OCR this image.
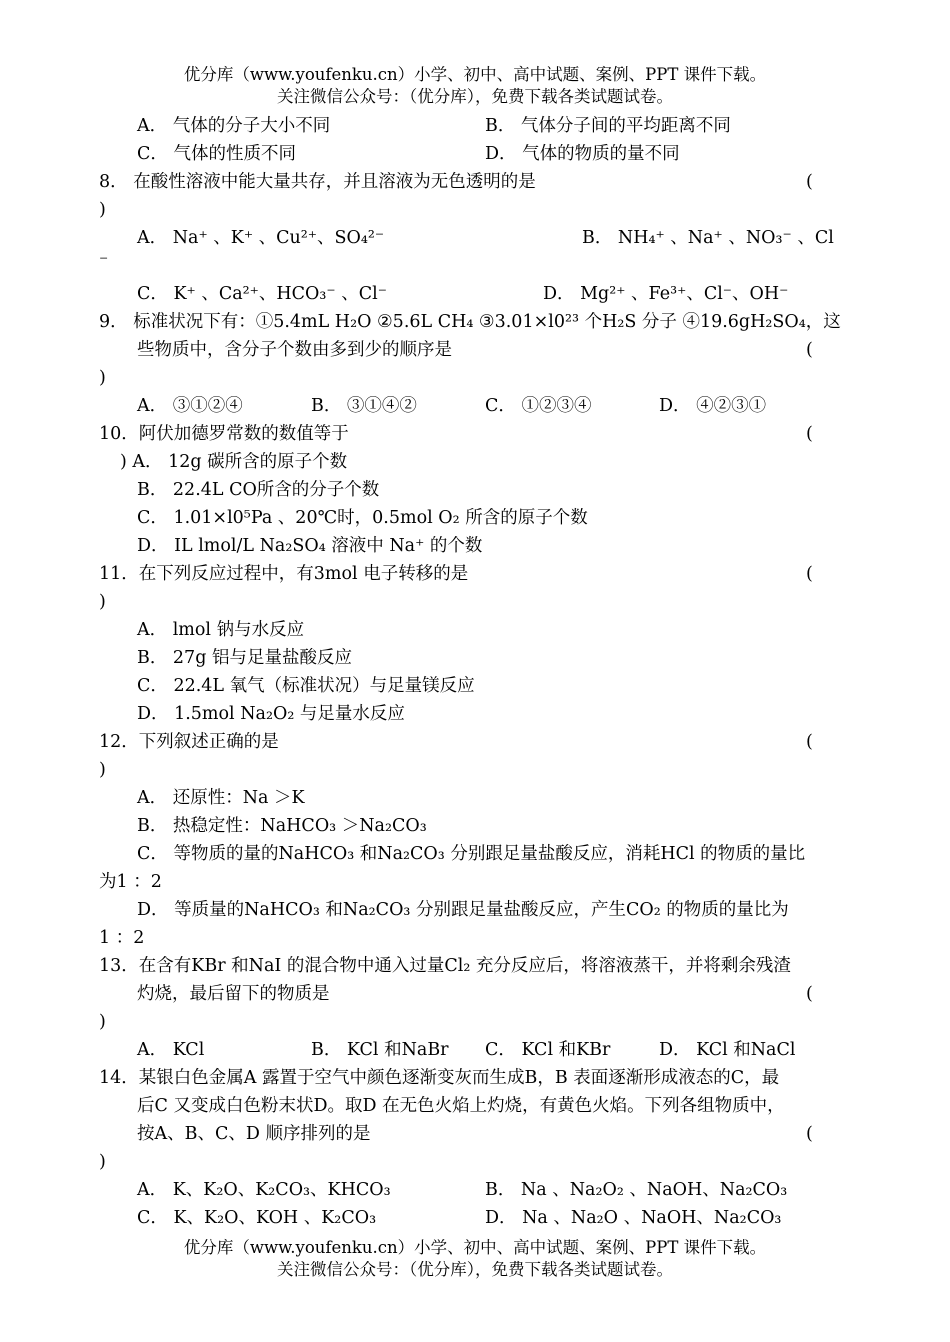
优分库（www.youfenku.cn）小学、初中、高中试题、案例、PPT 课件下载。
关注微信公众号：（优分库），免费下载各类试题试卷。
A． 气体的分子大小不同	B． 气体分子间的平均距离不同
C． 气体的性质不同	D． 气体的物质的量不同
8． 在酸性溶液中能大量共存，并且溶液为无色透明的是	(
)
A． Na⁺ 、K⁺ 、Cu²⁺、SO₄²⁻	B． NH₄⁺ 、Na⁺ 、NO₃⁻ 、Cl
⁻
C． K⁺ 、Ca²⁺、HCO₃⁻ 、Cl⁻	D． Mg²⁺ 、Fe³⁺、Cl⁻、OH⁻
9． 标准状况下有：①5.4mL H₂O ②5.6L CH₄ ③3.01×l0²³ 个H₂S 分子 ④19.6gH₂SO₄，这
些物质中，含分子个数由多到少的顺序是	(
)
A． ③①②④	B． ③①④②	C． ①②③④	D． ④②③①
10．阿伏加德罗常数的数值等于	(
) A． 12g 碳所含的原子个数
B． 22.4L CO所含的分子个数
C． 1.01×l0⁵Pa 、20℃时，0.5mol O₂ 所含的原子个数
D． IL lmol/L Na₂SO₄ 溶液中 Na⁺ 的个数
11．在下列反应过程中，有3mol 电子转移的是	(
)
A． lmol 钠与水反应
B． 27g 铝与足量盐酸反应
C． 22.4L 氧气（标准状况）与足量镁反应
D． 1.5mol Na₂O₂ 与足量水反应
12．下列叙述正确的是	(
)
A． 还原性：Na ＞K
B． 热稳定性：NaHCO₃ ＞Na₂CO₃
C． 等物质的量的NaHCO₃ 和Na₂CO₃ 分别跟足量盐酸反应，消耗HCl 的物质的量比
为1 ：2
D． 等质量的NaHCO₃ 和Na₂CO₃ 分别跟足量盐酸反应，产生CO₂ 的物质的量比为
1 ：2
13．在含有KBr 和NaI 的混合物中通入过量Cl₂ 充分反应后，将溶液蒸干，并将剩余残渣
灼烧，最后留下的物质是	(
)
A． KCl	B． KCl 和NaBr C． KCl 和KBr	D． KCl 和NaCl
14．某银白色金属A 露置于空气中颜色逐渐变灰而生成B，B 表面逐渐形成液态的C，最
后C 又变成白色粉末状D。取D 在无色火焰上灼烧，有黄色火焰。下列各组物质中，
按A、B、C、D 顺序排列的是	(
)
A． K、K₂O、K₂CO₃、KHCO₃	B． Na 、Na₂O₂ 、NaOH、Na₂CO₃
C． K、K₂O、KOH 、K₂CO₃	D． Na 、Na₂O 、NaOH、Na₂CO₃
优分库（www.youfenku.cn）小学、初中、高中试题、案例、PPT 课件下载。
关注微信公众号：（优分库），免费下载各类试题试卷。
